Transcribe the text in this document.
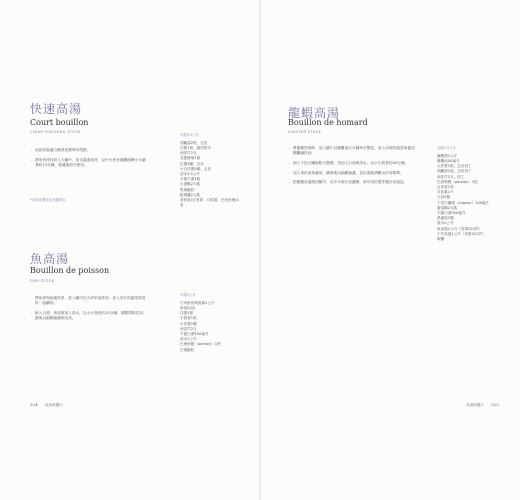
快速高湯
Court bouillon
CLEAR POACHING STOCK
– 這款高湯適合燉煮魚類與甲殼類。
– 將所有材料放入大鍋中，加水蓋過食材，以中火煮至沸騰後轉小火續煮約15分鐘，過濾後即可使用。
*可預先製作並冷藏保存
可做3.5公升
胡蘿蔔2根，去皮
洋蔥1根，縱切對半
西洋芹2支
韭蔥綠葉1根
紅蔥4顆，去皮
小白洋蔥4顆，去皮
清水3.5公升
不甜白酒1瓶
白酒醋2大匙
黑胡椒粒
粗海鹽2大匙
香料束(百里香、月桂葉、巴西里梗)1束
魚高湯
Bouillon de poisson
FISH STOCK
– 將魚骨與魚頭洗淨，放入鍋中以少許奶油拌炒，加入切片的蔬菜與香料一起翻炒。
– 倒入白酒，煮滾後加入清水，以小火熬煮約20分鐘，期間撈除浮沫，最後以細網過濾即完成。
可做2公升
白肉魚骨與魚頭1公斤
奶油20克
洋蔥1根
小茴香1根
小洋蔥2顆
西洋芹2支
不甜白酒400毫升
清水2公升
巴西里梗（parsley）1把
白胡椒粒
324 高湯與醬汁
龍蝦高湯
Bouillon de homard
LOBSTER STOCK
– 將龍蝦殼剁碎，放入鍋中以橄欖油大火翻炒至變色，加入切碎的蔬菜與番茄糊繼續拌炒。
– 倒入干邑白蘭地點火燃燒，再加入白酒與清水，以小火熬煮約40分鐘。
– 加入香料束與番茄，續煮後以細網過濾，並用湯匙擠壓出所有精華。
– 把龍蝦高湯倒回鍋中，以中火收汁至濃稠，即可用於製作醬汁或湯品。
可做1.5公升
龍蝦殼1公斤
橄欖油50毫升
大洋蔥1根，去皮切丁
胡蘿蔔1根，去皮切丁
西洋芹2支，切丁
巴西利梗（parsley）1把
百里香1枝
月桂葉1片
大蒜5瓣
干邑白蘭地（cognac）100毫升
番茄糊2大匙
不甜白酒500毫升
熟番茄2顆
清水2公升
魚高湯1公升（見第324頁）
小牛高湯1公升（見第322頁）
海鹽
高湯與醬汁 325
